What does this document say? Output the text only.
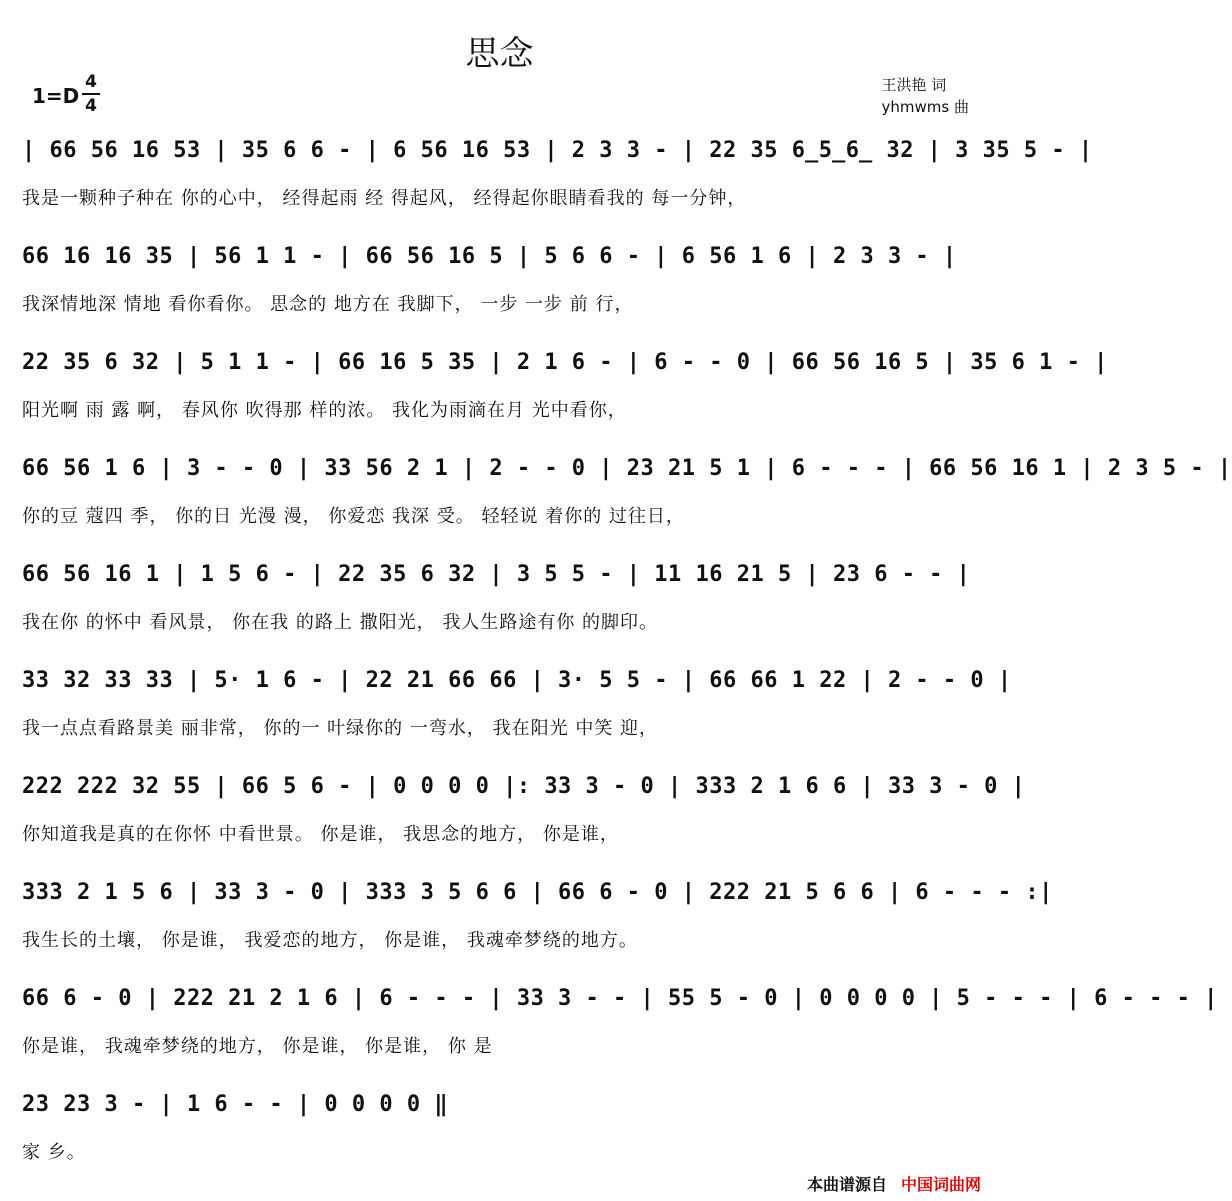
思念
1=D
4
4
王洪艳 词
yhmwms 曲
| 66 56 16 53 | 35 6 6 - | 6 56 16 53 | 2 3 3 - | 22 35 6̲5̲6̲ 32 | 3 35 5 - |
我是一颗种子种在 你的心中， 经得起雨 经 得起风， 经得起你眼睛看我的 每一分钟，
66 16 16 35 | 56 1 1 - | 66 56 16 5 | 5 6 6 - | 6 56 1 6 | 2 3 3 - |
我深情地深 情地 看你看你。 思念的 地方在 我脚下， 一步 一步 前 行，
22 35 6 32 | 5 1 1 - | 66 16 5 35 | 2 1 6 - | 6 - - 0 | 66 56 16 5 | 35 6 1 - |
阳光啊 雨 露 啊， 春风你 吹得那 样的浓。 我化为雨滴在月 光中看你，
66 56 1 6 | 3 - - 0 | 33 56 2 1 | 2 - - 0 | 23 21 5 1 | 6 - - - | 66 56 16 1 | 2 3 5 - |
你的豆 蔻四 季， 你的日 光漫 漫， 你爱恋 我深 受。 轻轻说 着你的 过往日，
66 56 16 1 | 1 5 6 - | 22 35 6 32 | 3 5 5 - | 11 16 21 5 | 23 6 - - |
我在你 的怀中 看风景， 你在我 的路上 撒阳光， 我人生路途有你 的脚印。
33 32 33 33 | 5· 1 6 - | 22 21 66 66 | 3· 5 5 - | 66 66 1 22 | 2 - - 0 |
我一点点看路景美 丽非常， 你的一 叶绿你的 一弯水， 我在阳光 中笑 迎，
222 222 32 55 | 66 5 6 - | 0 0 0 0 |: 33 3 - 0 | 333 2 1 6 6 | 33 3 - 0 |
你知道我是真的在你怀 中看世景。 你是谁， 我思念的地方， 你是谁，
333 2 1 5 6 | 33 3 - 0 | 333 3 5 6 6 | 66 6 - 0 | 222 21 5 6 6 | 6 - - - :|
我生长的土壤， 你是谁， 我爱恋的地方， 你是谁， 我魂牵梦绕的地方。
66 6 - 0 | 222 21 2 1 6 | 6 - - - | 33 3 - - | 55 5 - 0 | 0 0 0 0 | 5 - - - | 6 - - - |
你是谁， 我魂牵梦绕的地方， 你是谁， 你是谁， 你 是
23 23 3 - | 1 6 - - | 0 0 0 0 ‖
家 乡。
本曲谱源自 中国词曲网
